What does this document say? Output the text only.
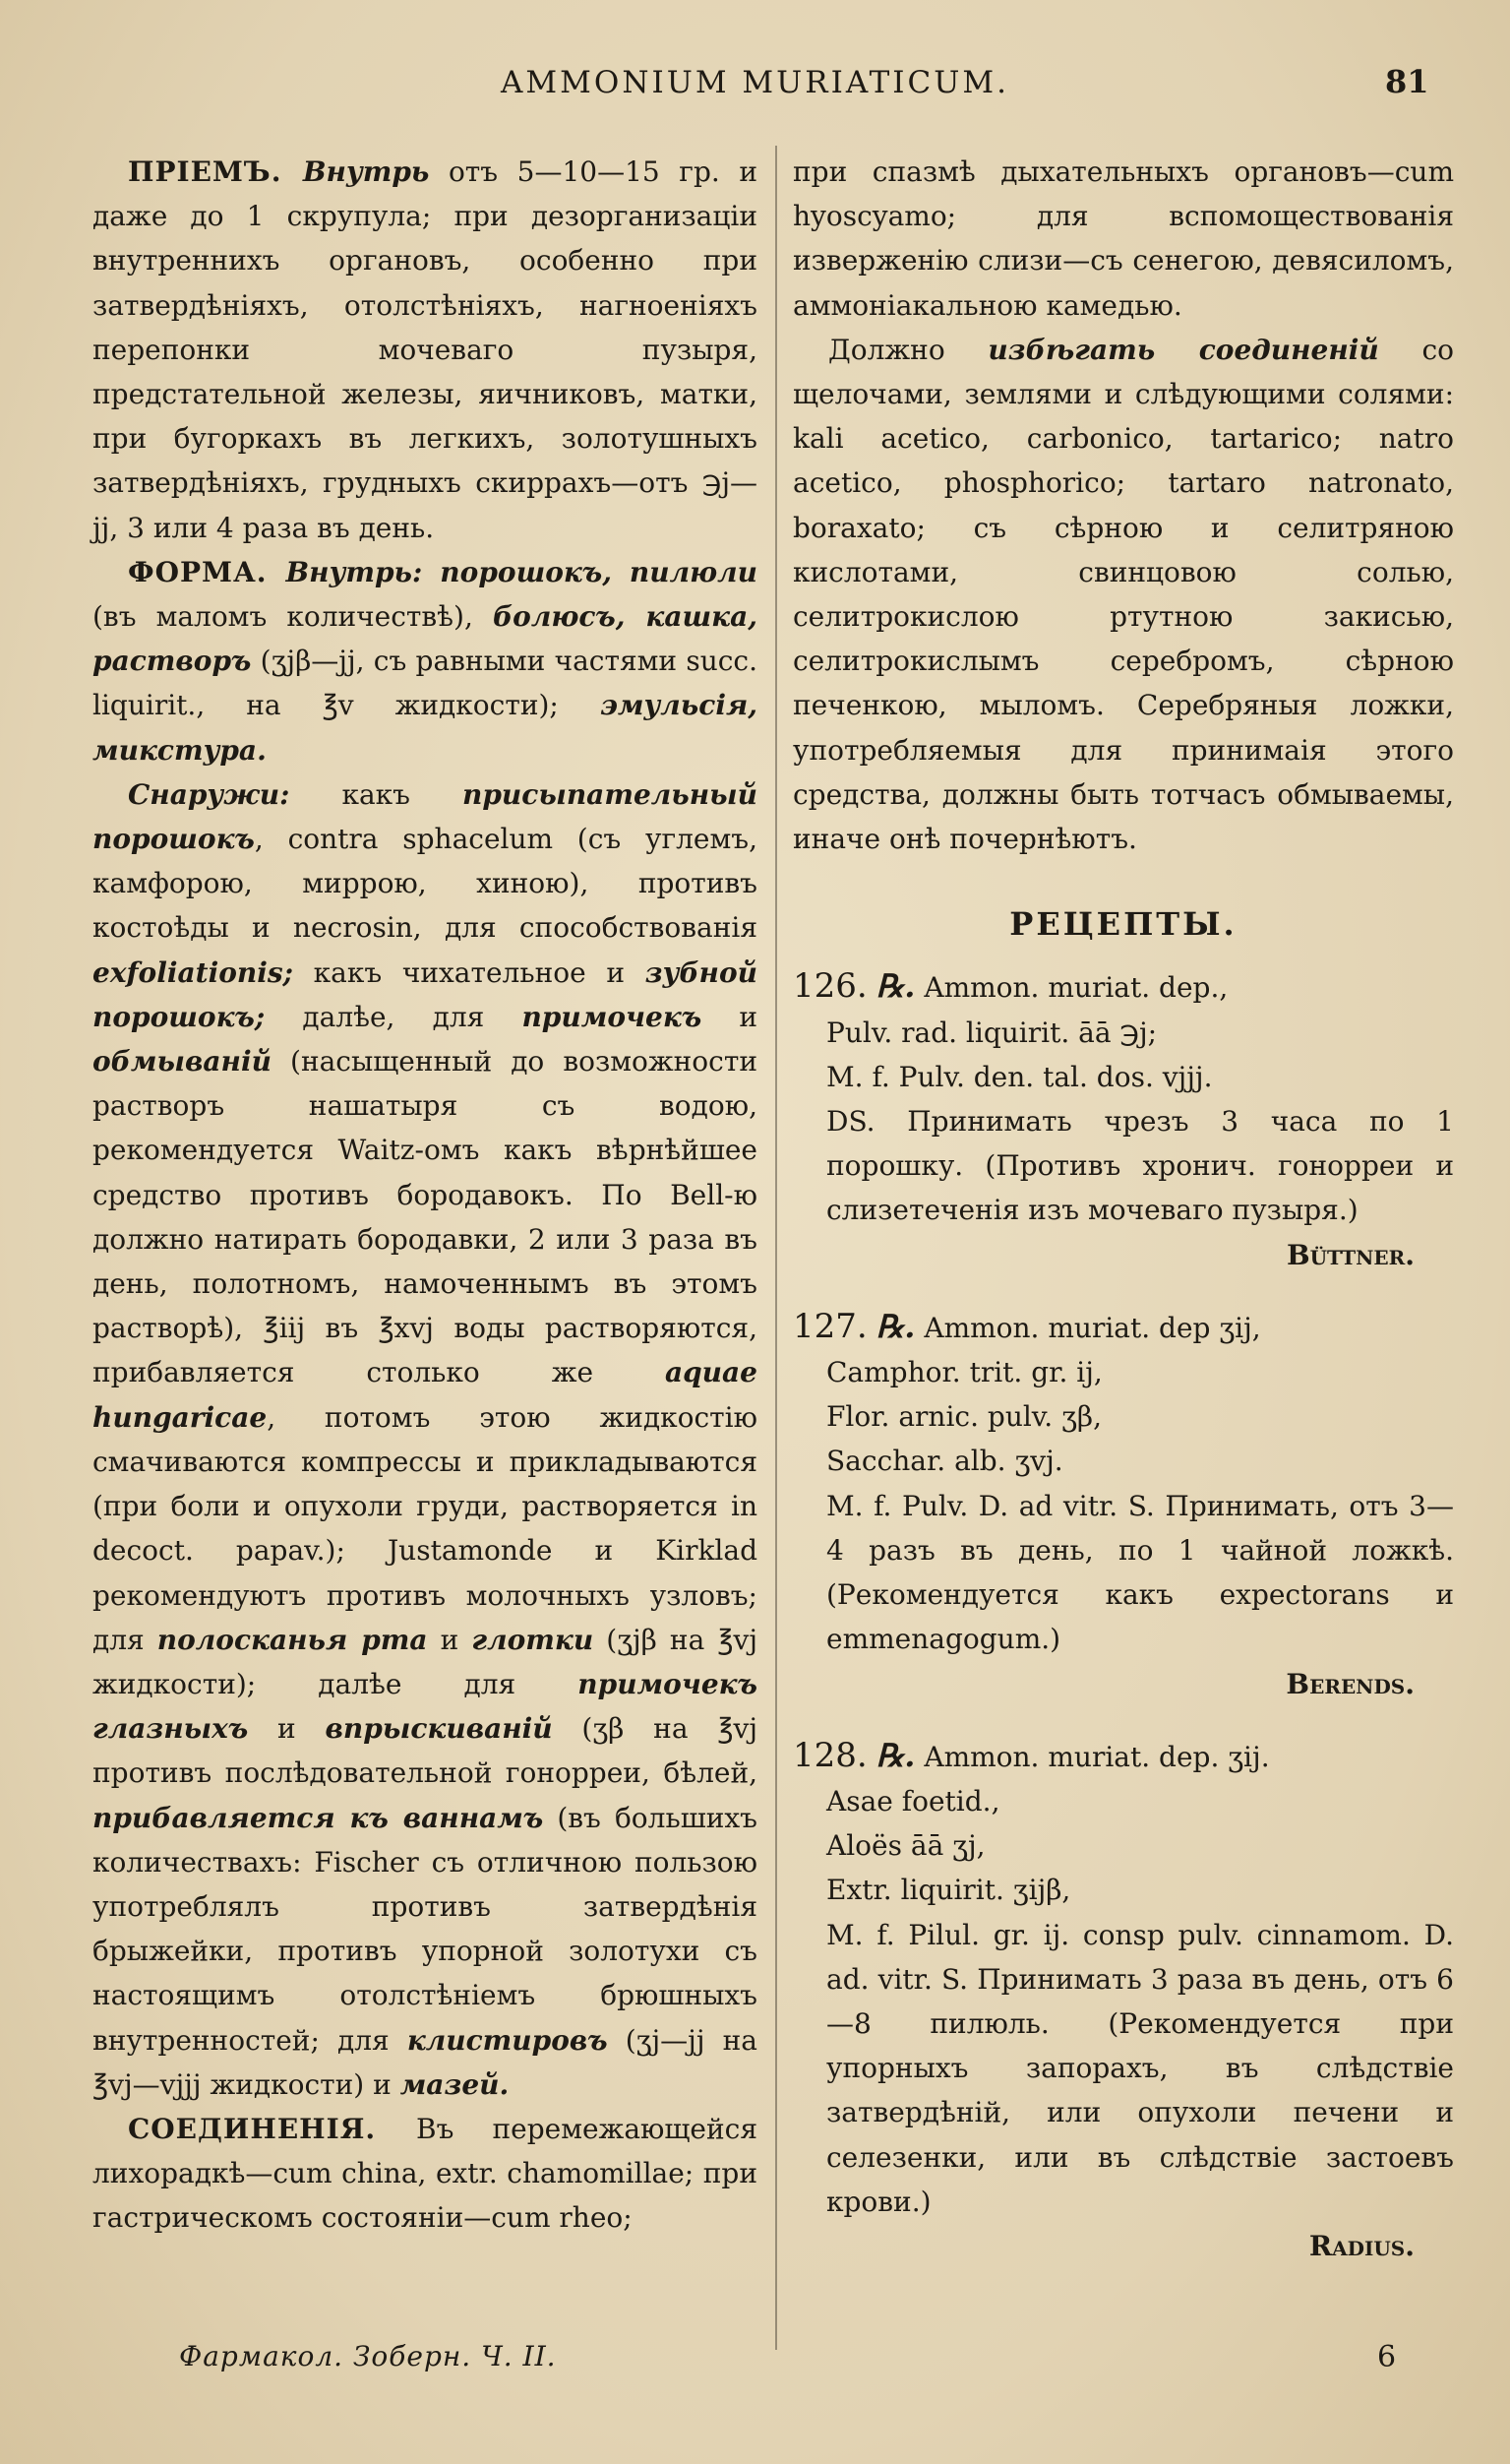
AMMONIUM MURIATICUM.	81

ПРІЕМЪ. Внутрь отъ 5—10—15 гр. и даже до 1 скрупула; при дезорганизаціи внутреннихъ органовъ, особенно при затвердѣніяхъ, отолстѣніяхъ, нагноеніяхъ перепонки мочеваго пузыря, предстательной железы, яичниковъ, матки, при бугоркахъ въ легкихъ, золотушныхъ затвердѣніяхъ, грудныхъ скиррахъ—отъ ℈j—jj, 3 или 4 раза въ день.

ФОРМА. Внутрь: порошокъ, пилюли (въ маломъ количествѣ), болюсъ, кашка, растворъ (ʒjβ—jj, съ равными частями succ. liquirit., на ℥v жидкости); эмульсія, микстура.

Снаружи: какъ присыпательный порошокъ, contra sphacelum (съ углемъ, камфорою, миррою, хиною), противъ костоѣды и necrosin, для способствованія exfoliationis; какъ чихательное и зубной порошокъ; далѣе, для примочекъ и обмываній (насыщенный до возможности растворъ нашатыря съ водою, рекомендуется Waitz-омъ какъ вѣрнѣйшее средство противъ бородавокъ. По Bell-ю должно натирать бородавки, 2 или 3 раза въ день, полотномъ, намоченнымъ въ этомъ растворѣ), ℥iij въ ℥xvj воды растворяются, прибавляется столько же aquae hungaricae, потомъ этою жидкостію смачиваются компрессы и прикладываются (при боли и опухоли груди, растворяется in decoct. papav.); Justamonde и Kirklad рекомендуютъ противъ молочныхъ узловъ; для полосканья рта и глотки (ʒjβ на ℥vj жидкости); далѣе для примочекъ глазныхъ и впрыскиваній (ʒβ на ℥vj противъ послѣдовательной гонорреи, бѣлей, прибавляется къ ваннамъ (въ большихъ количествахъ: Fischer съ отличною пользою употреблялъ противъ затвердѣнія брыжейки, противъ упорной золотухи съ настоящимъ отолстѣніемъ брюшныхъ внутренностей; для клистировъ (ʒj—jj на ℥vj—vjjj жидкости) и мазей.

СОЕДИНЕНІЯ. Въ перемежающейся лихорадкѣ—cum china, extr. chamomillae; при гастрическомъ состояніи—cum rheo;

при спазмѣ дыхательныхъ органовъ—cum hyoscyamo; для вспомоществованія изверженію слизи—съ сенегою, девясиломъ, аммоніакальною камедью.

Должно избѣгать соединеній со щелочами, землями и слѣдующими солями: kali acetico, carbonico, tartarico; natro acetico, phosphorico; tartaro natronato, boraxato; съ сѣрною и селитряною кислотами, свинцовою солью, селитрокислою ртутною закисью, селитрокислымъ серебромъ, сѣрною печенкою, мыломъ. Серебряныя ложки, употребляемыя для принимаія этого средства, должны быть тотчасъ обмываемы, иначе онѣ почернѣютъ.

РЕЦЕПТЫ.
126. ℞. Ammon. muriat. dep.,
Pulv. rad. liquirit. āā ℈j;
M. f. Pulv. den. tal. dos. vjjj.
DS. Принимать чрезъ 3 часа по 1 порошку. (Противъ хронич. гонорреи и слизетеченія изъ мочеваго пузыря.)
Büttner.
127. ℞. Ammon. muriat. dep ʒij,
Camphor. trit. gr. ij,
Flor. arnic. pulv. ʒβ,
Sacchar. alb. ʒvj.
M. f. Pulv. D. ad vitr. S. Принимать, отъ 3—4 разъ въ день, по 1 чайной ложкѣ. (Рекомендуется какъ expectorans и emmenagogum.)
Berends.
128. ℞. Ammon. muriat. dep. ʒij.
Asae foetid.,
Aloës āā ʒj,
Extr. liquirit. ʒijβ,
M. f. Pilul. gr. ij. consp pulv. cinnamom. D. ad. vitr. S. Принимать 3 раза въ день, отъ 6—8 пилюль. (Рекомендуется при упорныхъ запорахъ, въ слѣдствіе затвердѣній, или опухоли печени и селезенки, или въ слѣдствіе застоевъ крови.)
Radius.
Фармакол. Зоберн. Ч. II.	6
